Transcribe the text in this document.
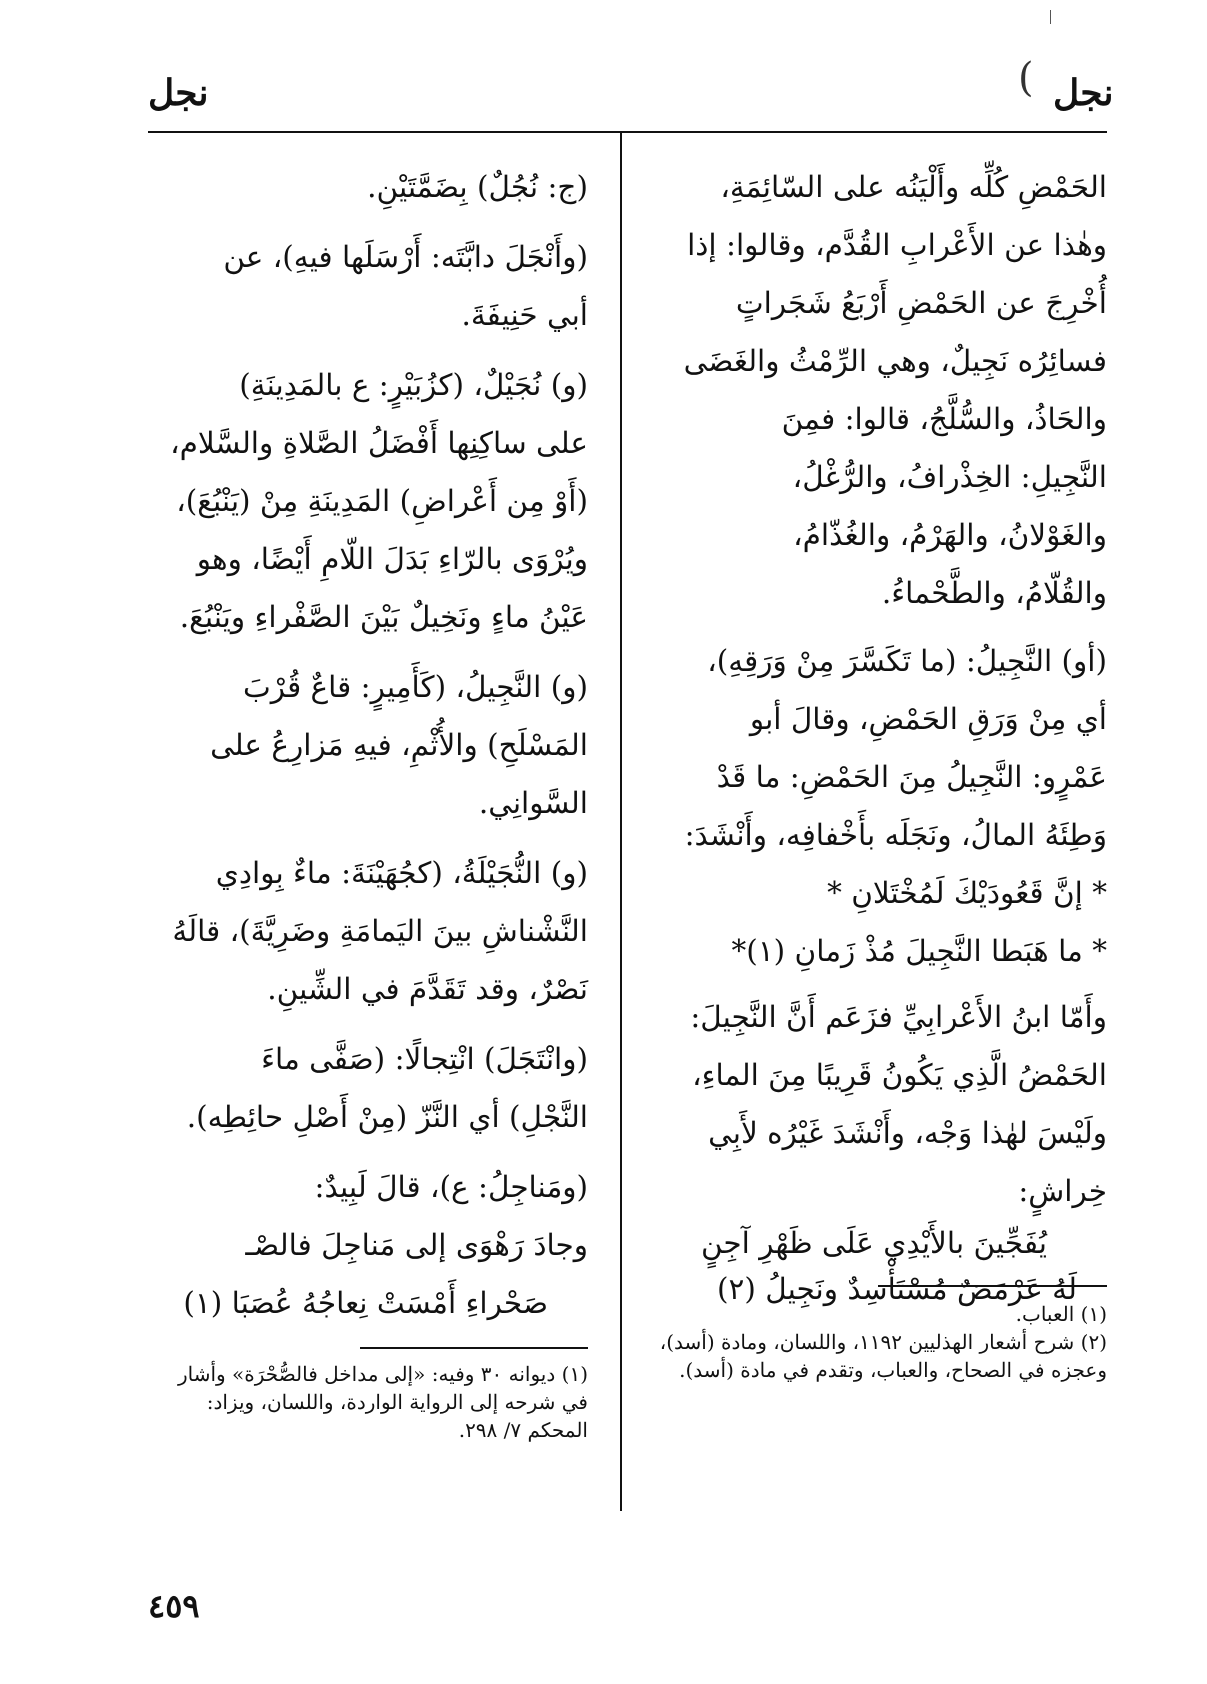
( نجل
نجل
الحَمْضِ كُلِّه وأَلْيَنُه على السّائِمَةِ،
وهٰذا عن الأَعْرابِ القُدَّم، وقالوا: إذا
أُخْرِجَ عن الحَمْضِ أَرْبَعُ شَجَراتٍ
فسائِرُه نَجِيلٌ، وهي الرِّمْثُ والغَضَى
والحَاذُ، والسُّلَّجُ، قالوا: فمِنَ
النَّجِيلِ: الخِذْرافُ، والرُّغْلُ،
والغَوْلانُ، والهَرْمُ، والغُذّامُ،
والقُلّامُ، والطَّحْماءُ.
(أو) النَّجِيلُ: (ما تَكَسَّرَ مِنْ وَرَقِهِ)،
أي مِنْ وَرَقِ الحَمْضِ، وقالَ أبو
عَمْرٍو: النَّجِيلُ مِنَ الحَمْضِ: ما قَدْ
وَطِئَهُ المالُ، ونَجَلَه بأَخْفافِه، وأَنْشَدَ:
* إنَّ قَعُودَيْكَ لَمُخْتَلانِ *
* ما هَبَطا النَّجِيلَ مُذْ زَمانِ (١)*
وأَمّا ابنُ الأَعْرابِيِّ فزَعَم أَنَّ النَّجِيلَ:
الحَمْضُ الَّذِي يَكُونُ قَرِيبًا مِنَ الماءِ،
ولَيْسَ لهٰذا وَجْه، وأَنْشَدَ غَيْرُه لأَبِي
خِراشٍ:
يُفَجِّينَ بالأَيْدِي عَلَى ظَهْرِ آجِنٍ
لَهُ عَرْمَضٌ مُسْتَأْسِدٌ ونَجِيلُ (٢)
(ج: نُجُلٌ) بِضَمَّتَيْنِ.
(وأَنْجَلَ دابَّتَه: أَرْسَلَها فيهِ)، عن
أبي حَنِيفَةَ.
(و) نُجَيْلٌ، (كزُبَيْرٍ: ع بالمَدِينَةِ)
على ساكِنِها أَفْضَلُ الصَّلاةِ والسَّلام،
(أَوْ مِن أَعْراضِ) المَدِينَةِ مِنْ (يَنْبُعَ)،
ويُرْوَى بالرّاءِ بَدَلَ اللّامِ أَيْضًا، وهو
عَيْنُ ماءٍ ونَخِيلٌ بَيْنَ الصَّفْراءِ ويَنْبُعَ.
(و) النَّجِيلُ، (كَأَمِيرٍ: قاعٌ قُرْبَ
المَسْلَحِ) والأُثْمِ، فيهِ مَزارِعُ على
السَّوانِي.
(و) النُّجَيْلَةُ، (كجُهَيْنَةَ: ماءٌ بِوادِي
النَّشْناشِ بينَ اليَمامَةِ وضَرِيَّةَ)، قالَهُ
نَصْرٌ، وقد تَقَدَّمَ في الشِّينِ.
(وانْتَجَلَ) انْتِجالًا: (صَفَّى ماءَ
النَّجْلِ) أي النَّزّ (مِنْ أَصْلِ حائِطِه).
(ومَناجِلُ: ع)، قالَ لَبِيدٌ:
وجادَ رَهْوَى إلى مَناجِلَ فالصْـ
صَحْراءِ أَمْسَتْ نِعاجُهُ عُصَبَا (١)	(١) العباب.

(٢) شرح أشعار الهذليين ١١٩٢، واللسان، ومادة (أسد)، وعجزه في الصحاح، والعباب، وتقدم في مادة (أسد).

(١) ديوانه ٣٠ وفيه: «إلى مداخل فالصُّحْرَة» وأشار في شرحه إلى الرواية الواردة، واللسان، ويزاد: المحكم ٧/ ٢٩٨.

٤٥٩
